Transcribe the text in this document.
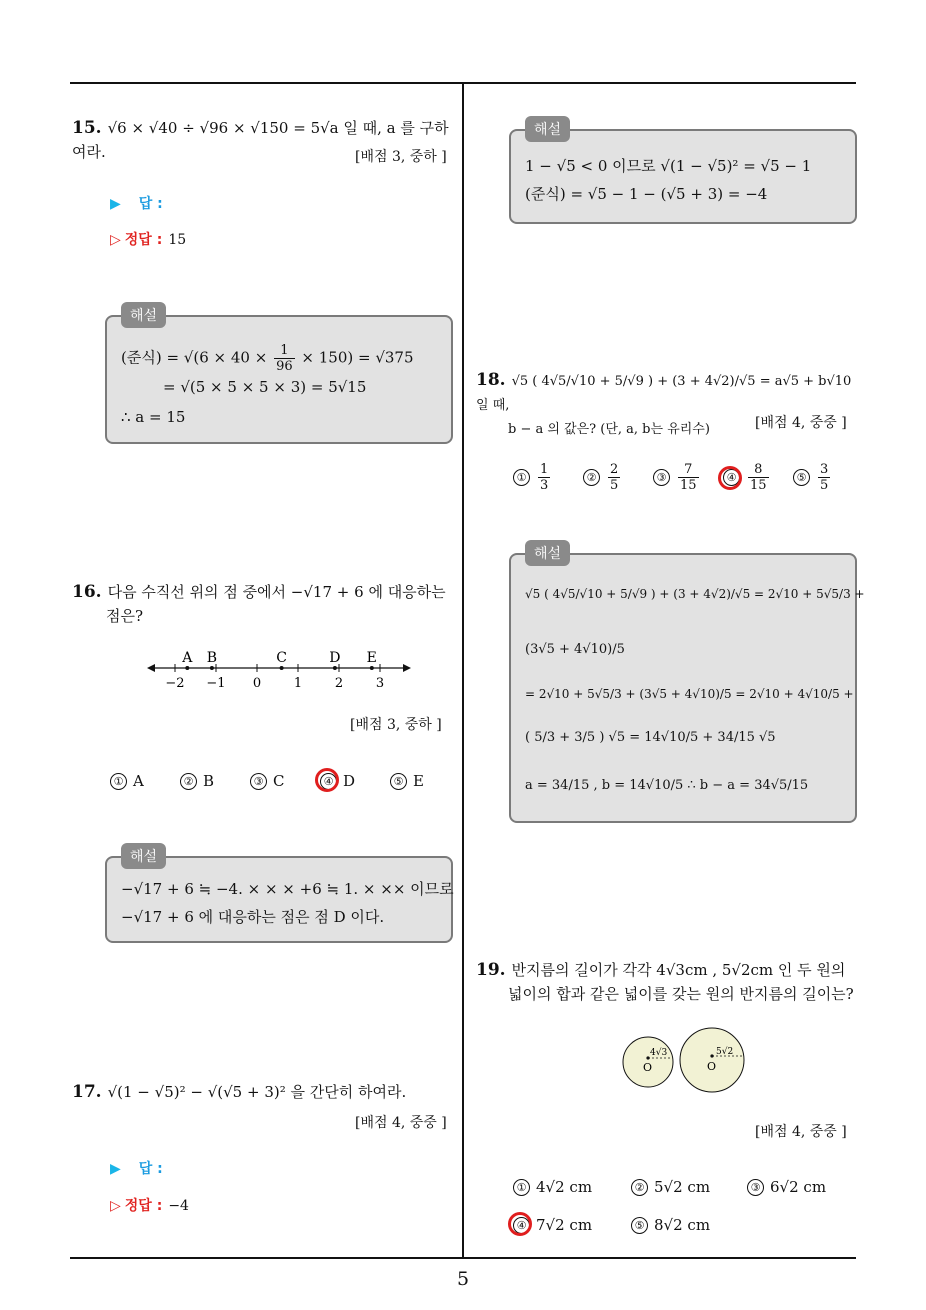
5
15. √6 × √40 ÷ √96 × √150 = 5√a 일 때, a 를 구하여라.	[배점 3, 중하 ]
▶ 답 :
▷ 정답 : 15
해설
(준식) = $√(6 \times 40 \times \frac{1}{96} \times 150) = √375$
= √(5 × 5 × 5 × 3) = 5√15
∴ a = 15
16. 다음 수직선 위의 점 중에서 −√17 + 6 에 대응하는
점은?
−2 −1 0	1	2	3
A B	C	D E
[배점 3, 중하 ]
① A	② B	③ C	④ D	⑤ E
해설
−√17 + 6 ≒ −4. × × × +6 ≒ 1. × ×× 이므로
−√17 + 6 에 대응하는 점은 점 D 이다.
17. √(1 − √5)² − √(√5 + 3)² 을 간단히 하여라.
[배점 4, 중중 ]
▶ 답 :
▷ 정답 : −4
해설
1 − √5 < 0 이므로 √(1 − √5)² = √5 − 1
(준식) = √5 − 1 − (√5 + 3) = −4
18. √5 ( 4√5/√10 + 5/√9 ) + (3 + 4√2)/√5 = a√5 + b√10 일 때,
b − a 의 값은? (단, a, b는 유리수)	[배점 4, 중중 ]
① $\frac{1}{3}$	② $\frac{2}{5}$	③ $\frac{7}{15}$	④ $\frac{8}{15}$	⑤ $\frac{3}{5}$
해설
√5 ( 4√5/√10 + 5/√9 ) + (3 + 4√2)/√5 = 2√10 + 5√5/3 +
(3√5 + 4√10)/5
= 2√10 + 5√5/3 + (3√5 + 4√10)/5 = 2√10 + 4√10/5 +
( 5/3 + 3/5 ) √5 = 14√10/5 + 34/15 √5
a = 34/15 , b = 14√10/5 ∴ b − a = 34√5/15
19. 반지름의 길이가 각각 4√3cm , 5√2cm 인 두 원의
넓이의 합과 같은 넓이를 갖는 원의 반지름의 길이는?
4√3	5√2
O	O
[배점 4, 중중 ]
① 4√2 cm	② 5√2 cm	③ 6√2 cm
④ 7√2 cm	⑤ 8√2 cm
